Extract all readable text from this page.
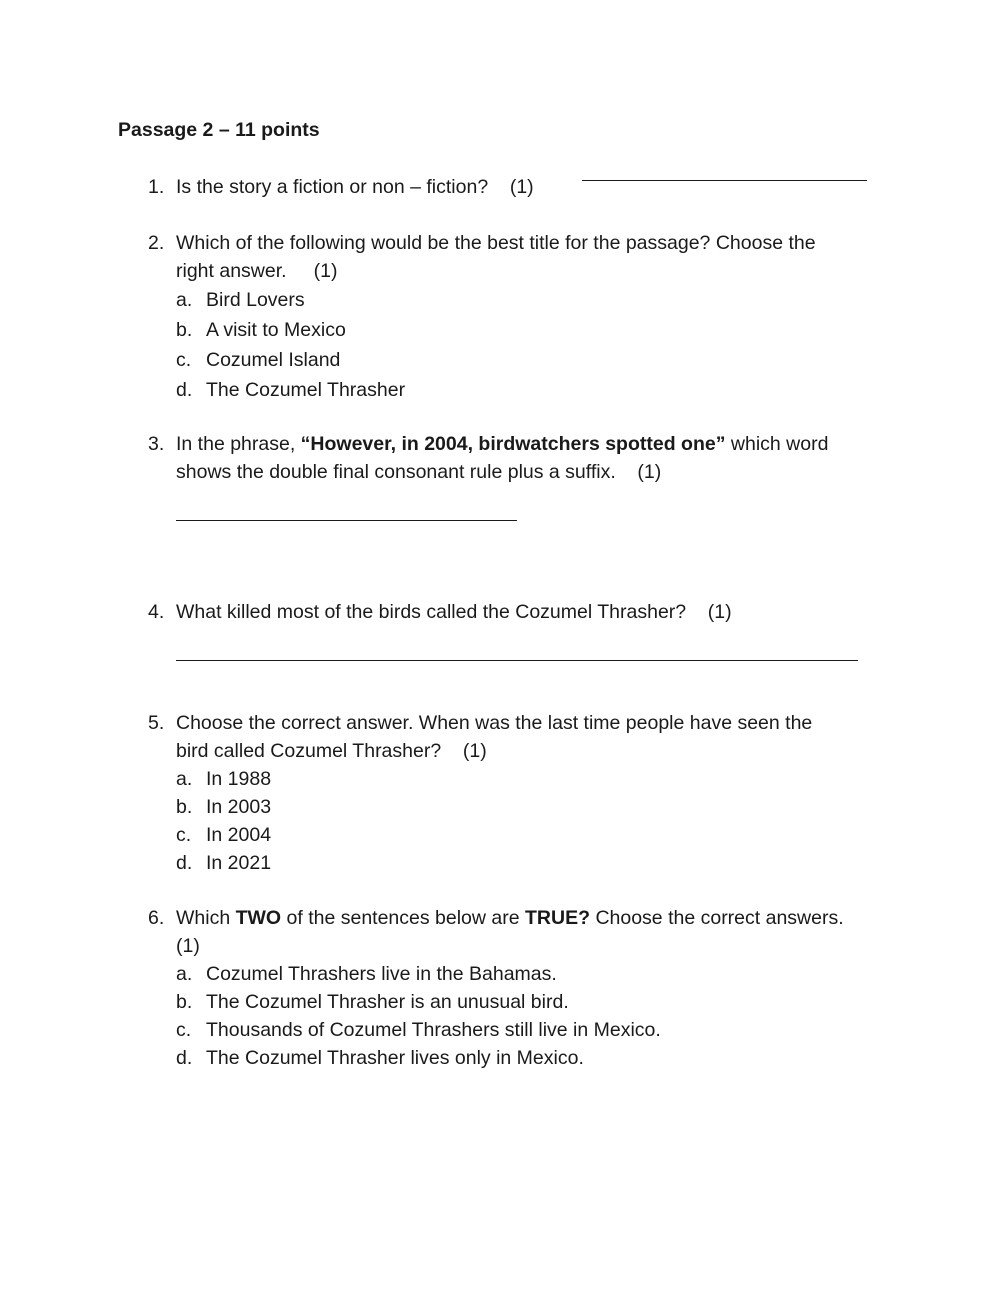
Passage 2 – 11 points
1. Is the story a fiction or non – fiction? (1)
2. Which of the following would be the best title for the passage? Choose the
right answer. (1)
a. Bird Lovers
b. A visit to Mexico
c. Cozumel Island
d. The Cozumel Thrasher
3. In the phrase, “However, in 2004, birdwatchers spotted one” which word
shows the double final consonant rule plus a suffix. (1)
4. What killed most of the birds called the Cozumel Thrasher? (1)
5. Choose the correct answer. When was the last time people have seen the
bird called Cozumel Thrasher? (1)
a. In 1988
b. In 2003
c. In 2004
d. In 2021
6. Which TWO of the sentences below are TRUE? Choose the correct answers.
(1)
a. Cozumel Thrashers live in the Bahamas.
b. The Cozumel Thrasher is an unusual bird.
c. Thousands of Cozumel Thrashers still live in Mexico.
d. The Cozumel Thrasher lives only in Mexico.
